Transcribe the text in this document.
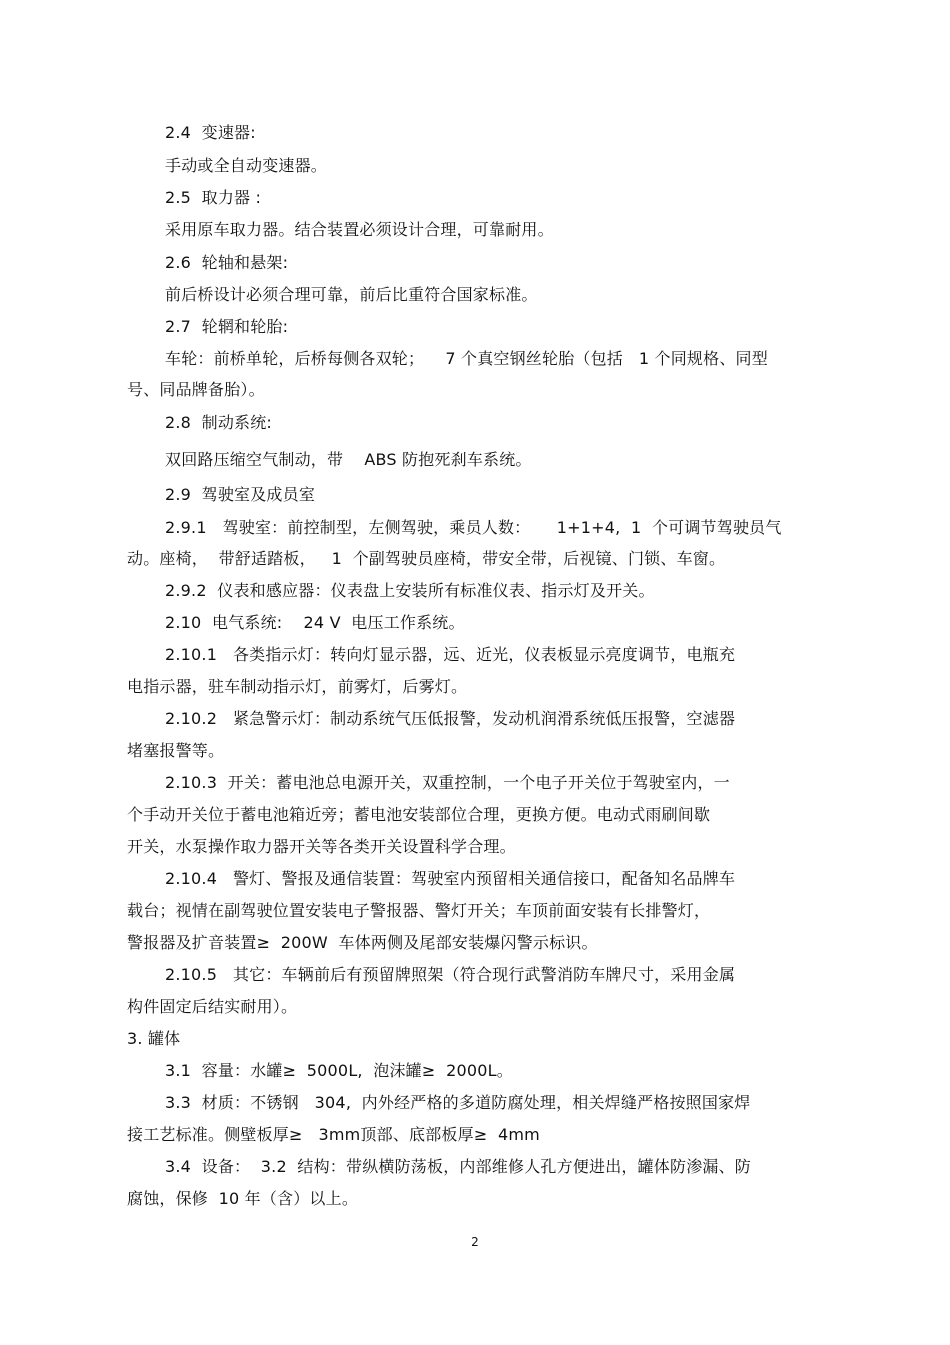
2.4  变速器:

手动或全自动变速器。

2.5  取力器 :

采用原车取力器。结合装置必须设计合理，可靠耐用。

2.6  轮轴和悬架:

前后桥设计必须合理可靠，前后比重符合国家标准。

2.7  轮辋和轮胎:

车轮：前桥单轮，后桥每侧各双轮；    7 个真空钢丝轮胎（包括   1 个同规格、同型

号、同品牌备胎）。

2.8  制动系统:

双回路压缩空气制动，带    ABS 防抱死刹车系统。

2.9  驾驶室及成员室

2.9.1   驾驶室：前控制型，左侧驾驶，乘员人数：     1+1+4,  1  个可调节驾驶员气

动。座椅，  带舒适踏板，   1  个副驾驶员座椅，带安全带，后视镜、门锁、车窗。

2.9.2  仪表和感应器：仪表盘上安装所有标准仪表、指示灯及开关。

2.10  电气系统:    24 V  电压工作系统。

2.10.1   各类指示灯：转向灯显示器，远、近光，仪表板显示亮度调节，电瓶充

电指示器，驻车制动指示灯，前雾灯，后雾灯。

2.10.2   紧急警示灯：制动系统气压低报警，发动机润滑系统低压报警，空滤器

堵塞报警等。

2.10.3  开关：蓄电池总电源开关，双重控制，一个电子开关位于驾驶室内，一

个手动开关位于蓄电池箱近旁；蓄电池安装部位合理，更换方便。电动式雨刷间歇

开关，水泵操作取力器开关等各类开关设置科学合理。

2.10.4   警灯、警报及通信装置：驾驶室内预留相关通信接口，配备知名品牌车

载台；视情在副驾驶位置安装电子警报器、警灯开关；车顶前面安装有长排警灯，

警报器及扩音装置≥  200W  车体两侧及尾部安装爆闪警示标识。

2.10.5   其它：车辆前后有预留牌照架（符合现行武警消防车牌尺寸，采用金属

构件固定后结实耐用）。

3. 罐体

3.1  容量：水罐≥  5000L,  泡沫罐≥  2000L。

3.3  材质：不锈钢   304,  内外经严格的多道防腐处理，相关焊缝严格按照国家焊

接工艺标准。侧壁板厚≥   3mm顶部、底部板厚≥  4mm

3.4  设备：  3.2  结构：带纵横防荡板，内部维修人孔方便进出，罐体防渗漏、防

腐蚀，保修  10 年（含）以上。

2
